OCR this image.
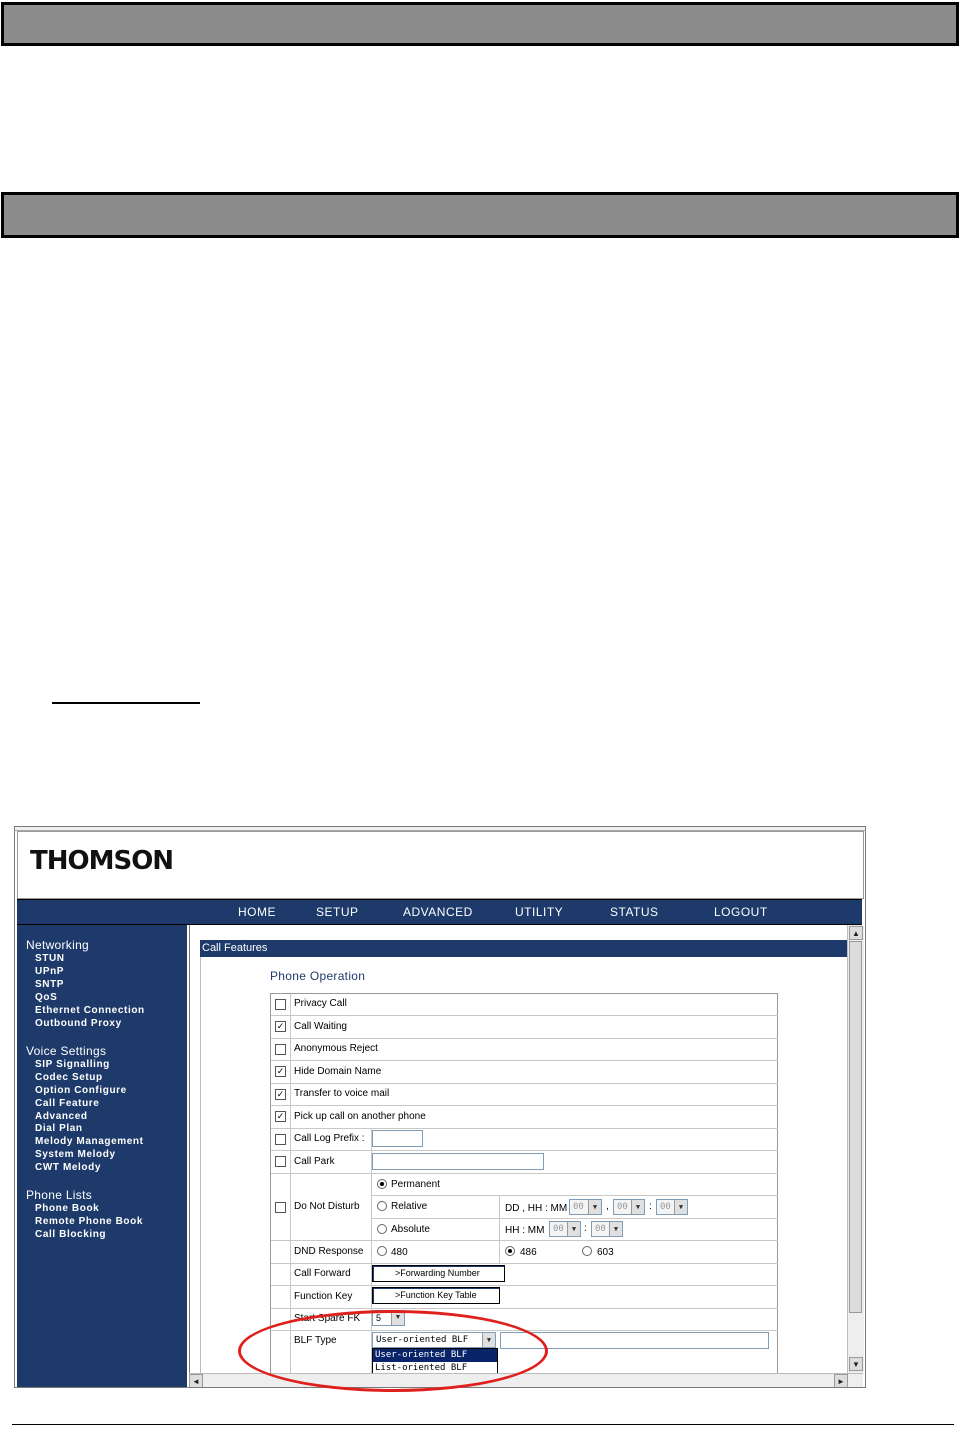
THOMSON
HOME	SETUP	ADVANCED	UTILITY	STATUS	LOGOUT
Networking
STUN
UPnP
SNTP
QoS
Ethernet Connection
Outbound Proxy
Voice Settings
SIP Signalling
Codec Setup
Option Configure
Call Feature
Advanced
Dial Plan
Melody Management
System Melody
CWT Melody
Phone Lists
Phone Book
Remote Phone Book
Call Blocking
Call Features
Phone Operation
Privacy Call
✓ Call Waiting
Anonymous Reject
✓ Hide Domain Name
✓ Transfer to voice mail
✓ Pick up call on another phone
Call Log Prefix :
Call Park
Do Not Disturb
Permanent
Relative	DD , HH : MM 00	▼ , 00	▼ : 00	▼
Absolute	HH : MM 00	▼ : 00	▼
DND Response	480	486	603
Call Forward	>Forwarding Number
Function Key	>Function Key Table
Start Spare FK	5	▼
BLF Type	User-oriented BLF	▼
User-oriented BLF
List-oriented BLF
▲
▼
◄	►
